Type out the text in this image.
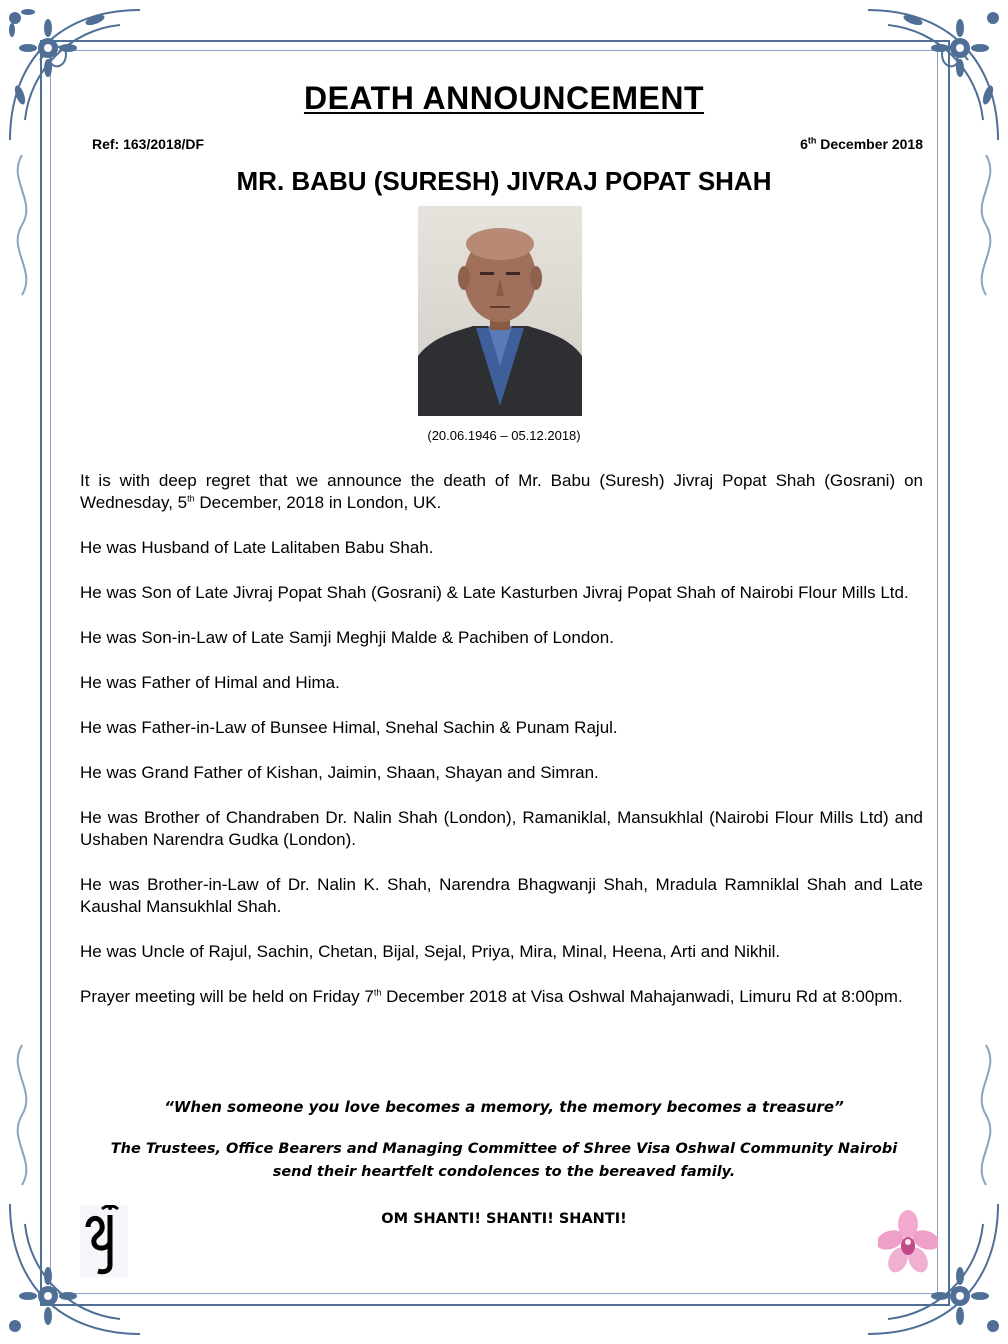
DEATH ANNOUNCEMENT
Ref: 163/2018/DF	6th December 2018
MR. BABU (SURESH) JIVRAJ POPAT SHAH
(20.06.1946 – 05.12.2018)

It is with deep regret that we announce the death of Mr. Babu (Suresh) Jivraj Popat Shah (Gosrani) on Wednesday, 5th December, 2018 in London, UK.

He was Husband of Late Lalitaben Babu Shah.

He was Son of Late Jivraj Popat Shah (Gosrani) & Late Kasturben Jivraj Popat Shah of Nairobi Flour Mills Ltd.

He was Son-in-Law of Late Samji Meghji Malde & Pachiben of London.

He was Father of Himal and Hima.

He was Father-in-Law of Bunsee Himal, Snehal Sachin & Punam Rajul.

He was Grand Father of Kishan, Jaimin, Shaan, Shayan and Simran.

He was Brother of Chandraben Dr. Nalin Shah (London), Ramaniklal, Mansukhlal (Nairobi Flour Mills Ltd) and Ushaben Narendra Gudka (London).

He was Brother-in-Law of Dr. Nalin K. Shah, Narendra Bhagwanji Shah, Mradula Ramniklal Shah and Late Kaushal Mansukhlal Shah.

He was Uncle of Rajul, Sachin, Chetan, Bijal, Sejal, Priya, Mira, Minal, Heena, Arti and Nikhil.

Prayer meeting will be held on Friday 7th December 2018 at Visa Oshwal Mahajanwadi, Limuru Rd at 8:00pm.

“When someone you love becomes a memory, the memory becomes a treasure”
The Trustees, Office Bearers and Managing Committee of Shree Visa Oshwal Community Nairobi
send their heartfelt condolences to the bereaved family.
OM SHANTI! SHANTI! SHANTI!
